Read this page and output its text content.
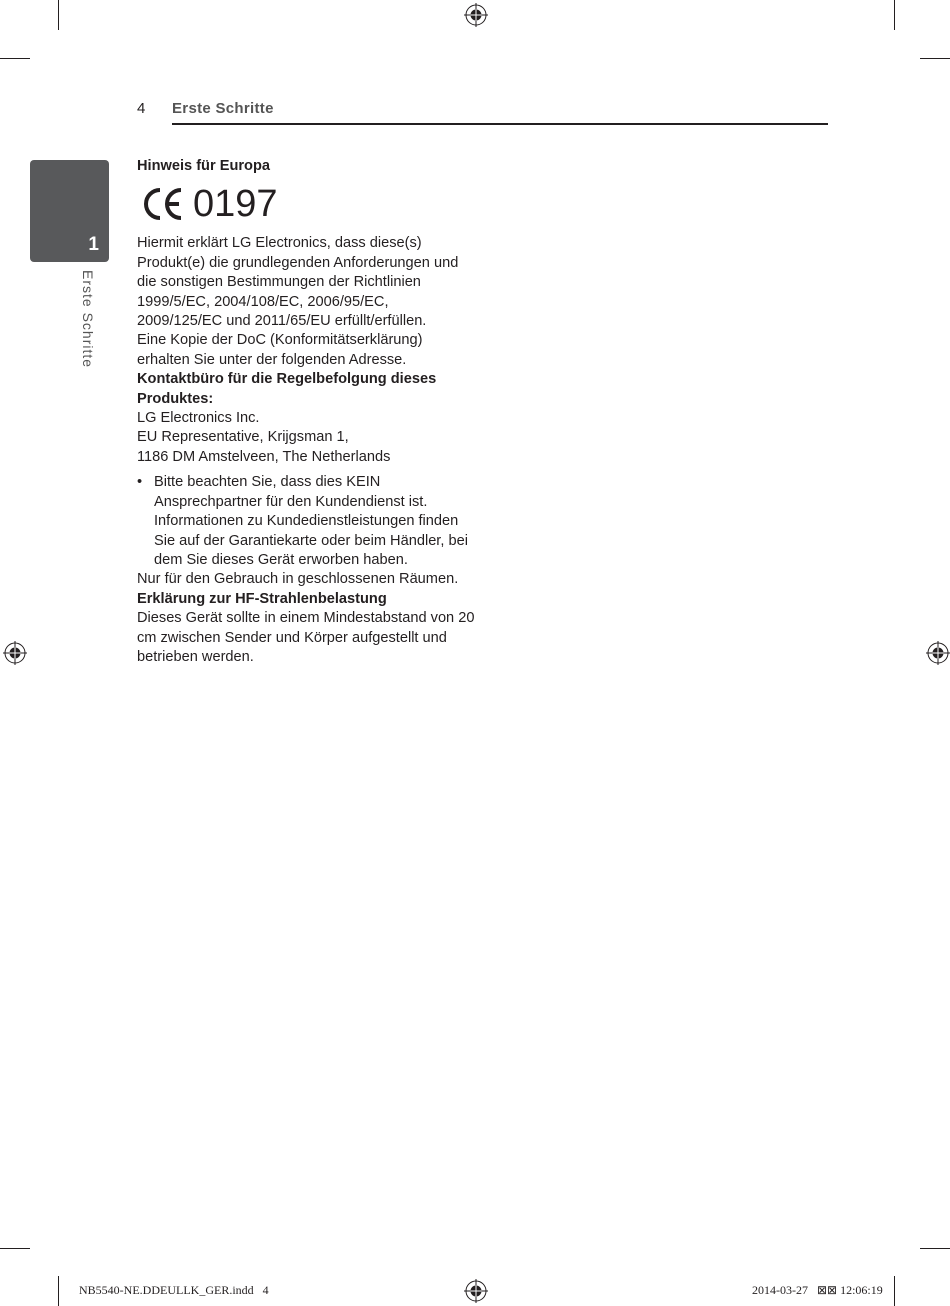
4 Erste Schritte
1
Erste Schritte

Hinweis für Europa

0197

Hiermit erklärt LG Electronics, dass diese(s) Produkt(e) die grundlegenden Anforderungen und die sonstigen Bestimmungen der Richtlinien 1999/5/EC, 2004/108/EC, 2006/95/EC, 2009/125/EC und 2011/65/EU erfüllt/erfüllen.

Eine Kopie der DoC (Konformitätserklärung) erhalten Sie unter der folgenden Adresse.

Kontaktbüro für die Regelbefolgung dieses Produktes:

LG Electronics Inc.

EU Representative, Krijgsman 1,

1186 DM Amstelveen, The Netherlands

• Bitte beachten Sie, dass dies KEIN Ansprechpartner für den Kundendienst ist. Informationen zu Kundedienstleistungen finden Sie auf der Garantiekarte oder beim Händler, bei dem Sie dieses Gerät erworben haben.

Nur für den Gebrauch in geschlossenen Räumen.

Erklärung zur HF-Strahlenbelastung

Dieses Gerät sollte in einem Mindestabstand von 20 cm zwischen Sender und Körper aufgestellt und betrieben werden.

NB5540-NE.DDEULLK_GER.indd   4	2014-03-27   ⊠⊠ 12:06:19
